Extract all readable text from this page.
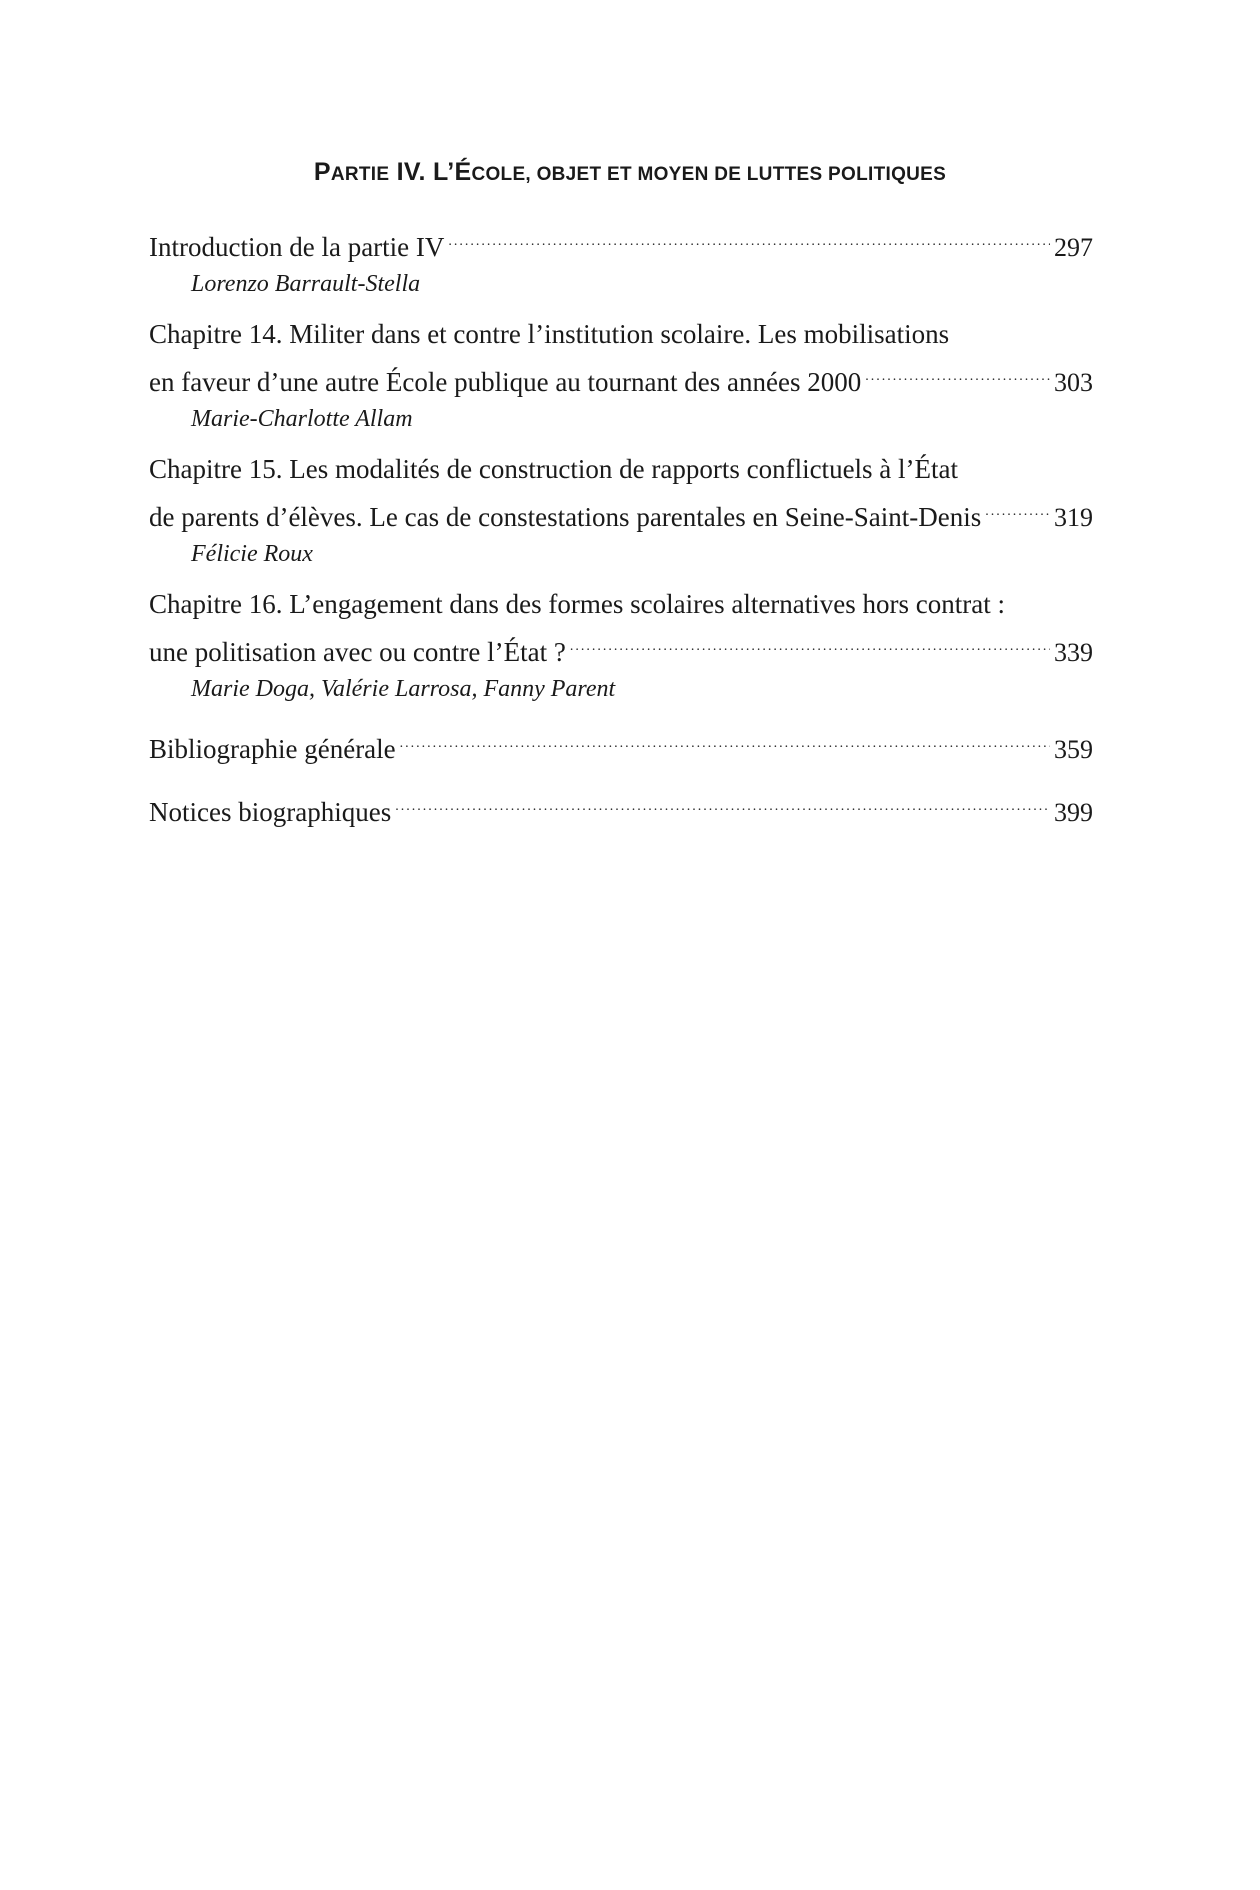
PARTIE IV. L’ÉCOLE, OBJET ET MOYEN DE LUTTES POLITIQUES
Introduction de la partie IV .....	297
Lorenzo Barrault-Stella
Chapitre 14. Militer dans et contre l’institution scolaire. Les mobilisations
en faveur d’une autre École publique au tournant des années 2000 .....	303
Marie-Charlotte Allam
Chapitre 15. Les modalités de construction de rapports conflictuels à l’État
de parents d’élèves. Le cas de constestations parentales en Seine-Saint-Denis .....	319
Félicie Roux
Chapitre 16. L’engagement dans des formes scolaires alternatives hors contrat :
une politisation avec ou contre l’État ? .....	339
Marie Doga, Valérie Larrosa, Fanny Parent
Bibliographie générale .....	359
Notices biographiques .....	399
